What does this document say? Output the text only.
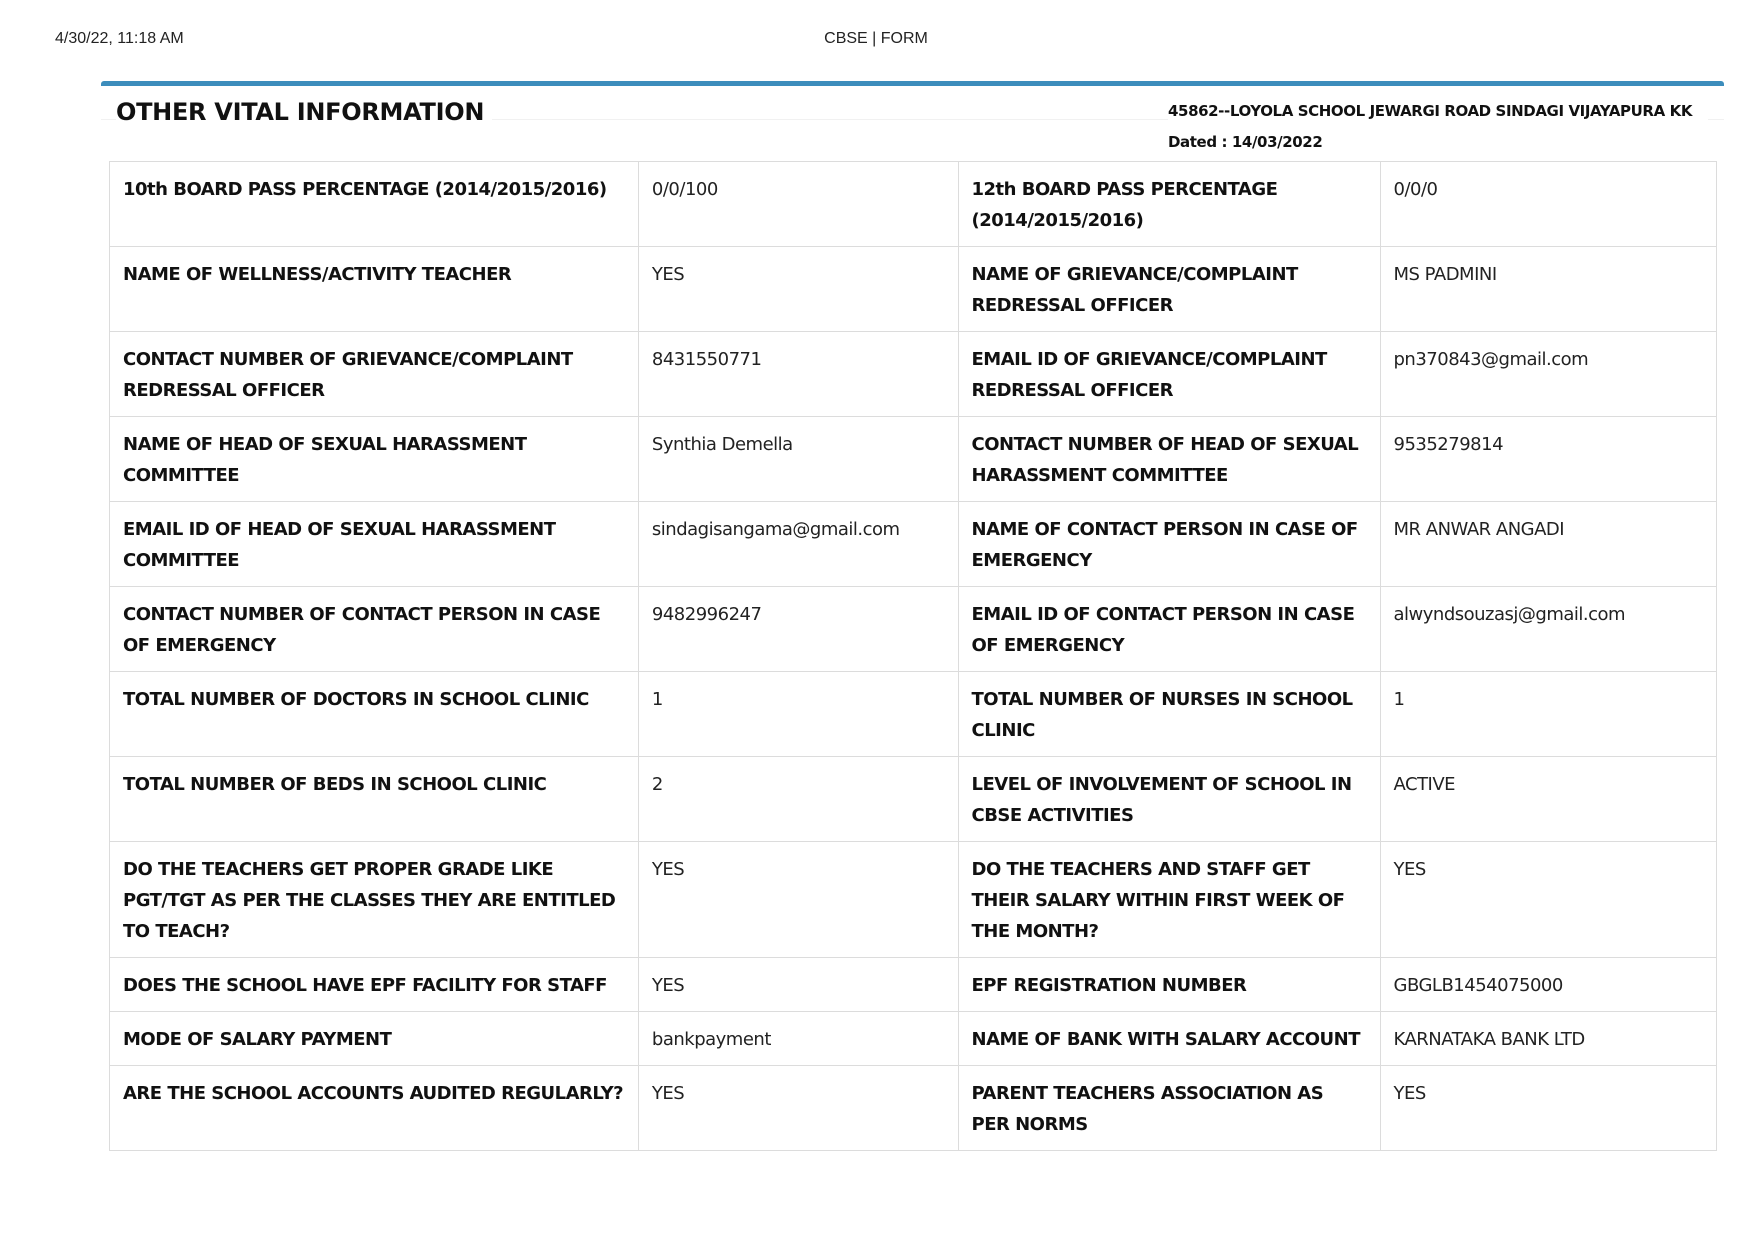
4/30/22, 11:18 AM	CBSE | FORM
OTHER VITAL INFORMATION	45862--LOYOLA SCHOOL JEWARGI ROAD SINDAGI VIJAYAPURA KK
Dated : 14/03/2022
10th BOARD PASS PERCENTAGE (2014/2015/2016)	0/0/100	12th BOARD PASS PERCENTAGE (2014/2015/2016)	0/0/0
NAME OF WELLNESS/ACTIVITY TEACHER	YES	NAME OF GRIEVANCE/COMPLAINT REDRESSAL OFFICER	MS PADMINI
CONTACT NUMBER OF GRIEVANCE/COMPLAINT REDRESSAL OFFICER	8431550771	EMAIL ID OF GRIEVANCE/COMPLAINT REDRESSAL OFFICER	pn370843@gmail.com
NAME OF HEAD OF SEXUAL HARASSMENT COMMITTEE	Synthia Demella	CONTACT NUMBER OF HEAD OF SEXUAL HARASSMENT COMMITTEE	9535279814
EMAIL ID OF HEAD OF SEXUAL HARASSMENT COMMITTEE	sindagisangama@gmail.com	NAME OF CONTACT PERSON IN CASE OF EMERGENCY	MR ANWAR ANGADI
CONTACT NUMBER OF CONTACT PERSON IN CASE OF EMERGENCY	9482996247	EMAIL ID OF CONTACT PERSON IN CASE OF EMERGENCY	alwyndsouzasj@gmail.com
TOTAL NUMBER OF DOCTORS IN SCHOOL CLINIC	1	TOTAL NUMBER OF NURSES IN SCHOOL CLINIC	1
TOTAL NUMBER OF BEDS IN SCHOOL CLINIC	2	LEVEL OF INVOLVEMENT OF SCHOOL IN CBSE ACTIVITIES	ACTIVE
DO THE TEACHERS GET PROPER GRADE LIKE PGT/TGT AS PER THE CLASSES THEY ARE ENTITLED TO TEACH?	YES	DO THE TEACHERS AND STAFF GET THEIR SALARY WITHIN FIRST WEEK OF THE MONTH?	YES
DOES THE SCHOOL HAVE EPF FACILITY FOR STAFF	YES	EPF REGISTRATION NUMBER	GBGLB1454075000
MODE OF SALARY PAYMENT	bankpayment	NAME OF BANK WITH SALARY ACCOUNT	KARNATAKA BANK LTD
ARE THE SCHOOL ACCOUNTS AUDITED REGULARLY?	YES	PARENT TEACHERS ASSOCIATION AS PER NORMS	YES
